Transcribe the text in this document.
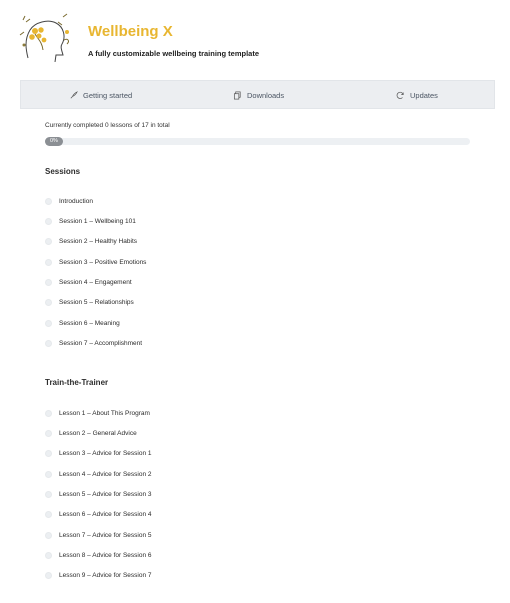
Wellbeing X
A fully customizable wellbeing training template
Getting started	Downloads	Updates
Currently completed 0 lessons of 17 in total
0%
Sessions
Introduction
Session 1 – Wellbeing 101
Session 2 – Healthy Habits
Session 3 – Positive Emotions
Session 4 – Engagement
Session 5 – Relationships
Session 6 – Meaning
Session 7 – Accomplishment
Train-the-Trainer
Lesson 1 – About This Program
Lesson 2 – General Advice
Lesson 3 – Advice for Session 1
Lesson 4 – Advice for Session 2
Lesson 5 – Advice for Session 3
Lesson 6 – Advice for Session 4
Lesson 7 – Advice for Session 5
Lesson 8 – Advice for Session 6
Lesson 9 – Advice for Session 7
